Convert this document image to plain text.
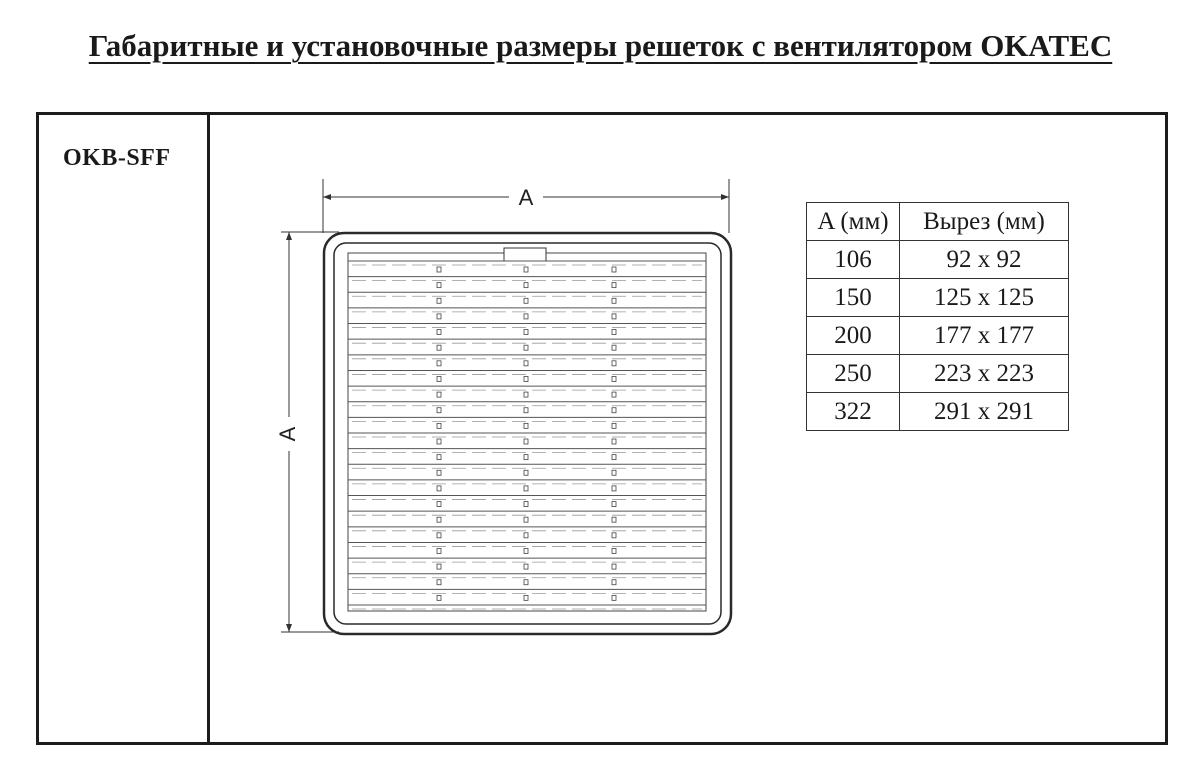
Габаритные и установочные размеры решеток с вентилятором OKATEC
OKB-SFF
A
A
A (мм)	Вырез (мм)
106	92 x 92
150	125 x 125
200	177 x 177
250	223 x 223
322	291 x 291
